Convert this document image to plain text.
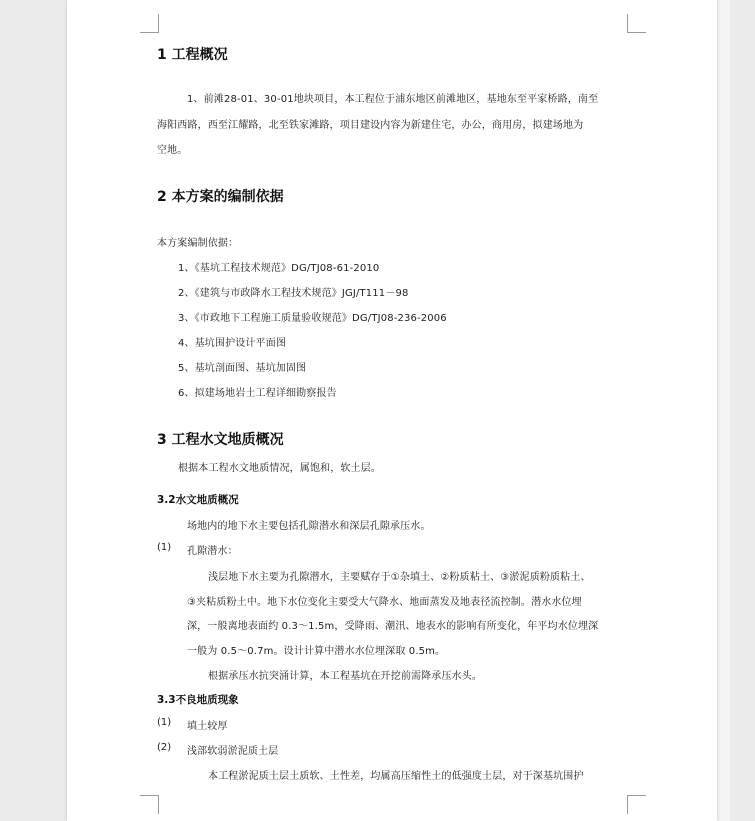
1 工程概况
1、前滩28-01、30-01地块项目，本工程位于浦东地区前滩地区，基地东至平家桥路，南至
海阳西路，西至江耀路，北至铁家滩路，项目建设内容为新建住宅，办公，商用房，拟建场地为
空地。
2 本方案的编制依据
本方案编制依据：
1、《基坑工程技术规范》DG/TJ08-61-2010
2、《建筑与市政降水工程技术规范》JGJ/T111－98
3、《市政地下工程施工质量验收规范》DG/TJ08-236-2006
4、基坑围护设计平面图
5、基坑剖面图、基坑加固图
6、拟建场地岩土工程详细勘察报告
3 工程水文地质概况
根据本工程水文地质情况，属饱和，软土层。
3.2水文地质概况
场地内的地下水主要包括孔隙潜水和深层孔隙承压水。
(1) 孔隙潜水：
浅层地下水主要为孔隙潜水，主要赋存于①杂填土、②粉质粘土、③淤泥质粉质粘土、
③夹粘质粉土中。地下水位变化主要受大气降水、地面蒸发及地表径流控制。潜水水位埋
深，一般离地表面约 0.3～1.5m，受降雨、潮汛、地表水的影响有所变化，年平均水位埋深
一般为 0.5～0.7m。设计计算中潜水水位埋深取 0.5m。
根据承压水抗突涌计算，本工程基坑在开挖前需降承压水头。
3.3不良地质现象
(1) 填土较厚
(2) 浅部软弱淤泥质土层
本工程淤泥质土层土质软、土性差，均属高压缩性土的低强度土层，对于深基坑围护
